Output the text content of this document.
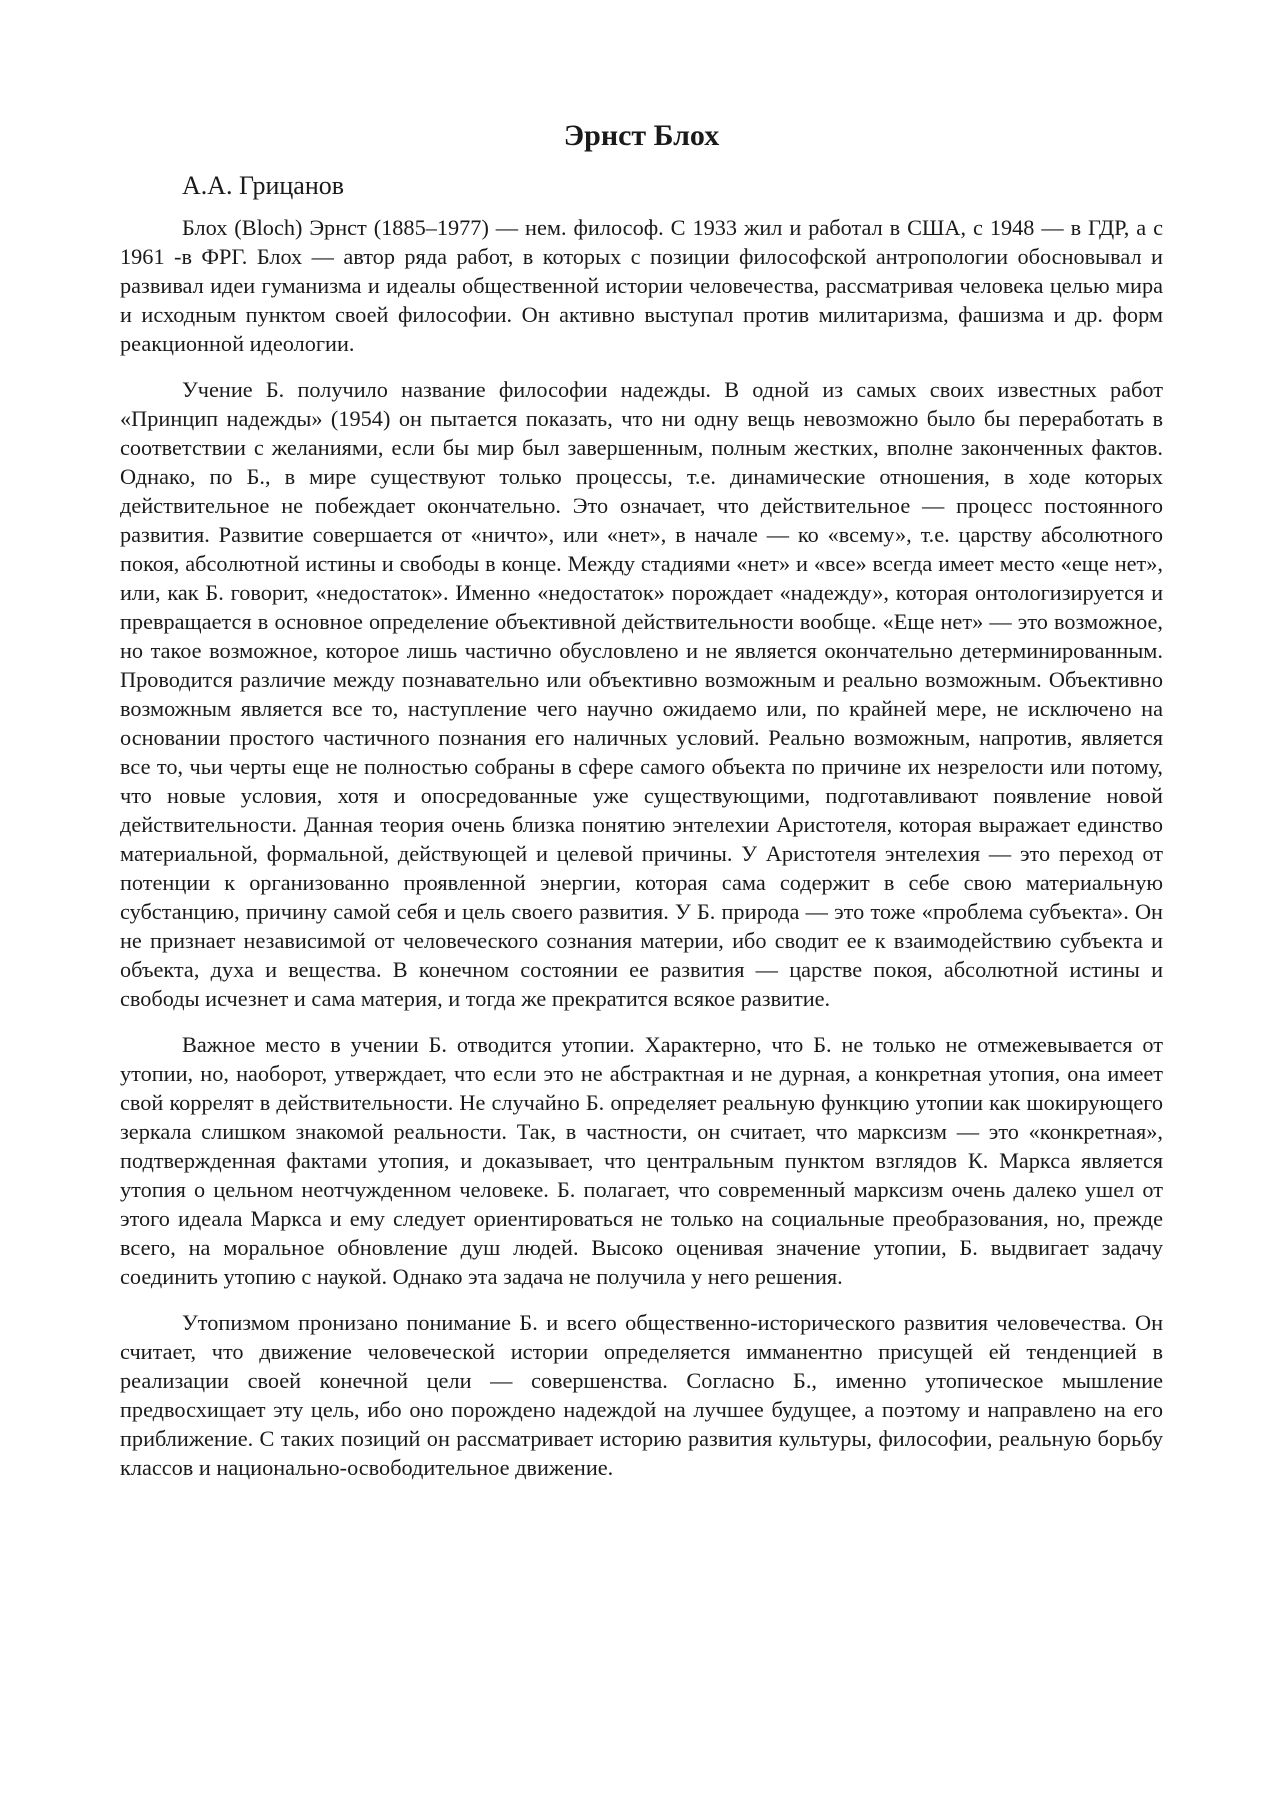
Эрнст Блох
А.А. Грицанов

Блох (Bloch) Эрнст (1885–1977) — нем. философ. С 1933 жил и работал в США, с 1948 — в ГДР, а с 1961 -в ФРГ. Блох — автор ряда работ, в которых с позиции философской антропологии обосновывал и развивал идеи гуманизма и идеалы общественной истории человечества, рассматривая человека целью мира и исходным пунктом своей философии. Он активно выступал против милитаризма, фашизма и др. форм реакционной идеологии.

Учение Б. получило название философии надежды. В одной из самых своих известных работ «Принцип надежды» (1954) он пытается показать, что ни одну вещь невозможно было бы переработать в соответствии с желаниями, если бы мир был завершенным, полным жестких, вполне законченных фактов. Однако, по Б., в мире существуют только процессы, т.е. динамические отношения, в ходе которых действительное не побеждает окончательно. Это означает, что действительное — процесс постоянного развития. Развитие совершается от «ничто», или «нет», в начале — ко «всему», т.е. царству абсолютного покоя, абсолютной истины и свободы в конце. Между стадиями «нет» и «все» всегда имеет место «еще нет», или, как Б. говорит, «недостаток». Именно «недостаток» порождает «надежду», которая онтологизируется и превращается в основное определение объективной действительности вообще. «Еще нет» — это возможное, но такое возможное, которое лишь частично обусловлено и не является окончательно детерминированным. Проводится различие между познавательно или объективно возможным и реально возможным. Объективно возможным является все то, наступление чего научно ожидаемо или, по крайней мере, не исключено на основании простого частичного познания его наличных условий. Реально возможным, напротив, является все то, чьи черты еще не полностью собраны в сфере самого объекта по причине их незрелости или потому, что новые условия, хотя и опосредованные уже существующими, подготавливают появление новой действительности. Данная теория очень близка понятию энтелехии Аристотеля, которая выражает единство материальной, формальной, действующей и целевой причины. У Аристотеля энтелехия — это переход от потенции к организованно проявленной энергии, которая сама содержит в себе свою материальную субстанцию, причину самой себя и цель своего развития. У Б. природа — это тоже «проблема субъекта». Он не признает независимой от человеческого сознания материи, ибо сводит ее к взаимодействию субъекта и объекта, духа и вещества. В конечном состоянии ее развития — царстве покоя, абсолютной истины и свободы исчезнет и сама материя, и тогда же прекратится всякое развитие.

Важное место в учении Б. отводится утопии. Характерно, что Б. не только не отмежевывается от утопии, но, наоборот, утверждает, что если это не абстрактная и не дурная, а конкретная утопия, она имеет свой коррелят в действительности. Не случайно Б. определяет реальную функцию утопии как шокирующего зеркала слишком знакомой реальности. Так, в частности, он считает, что марксизм — это «конкретная», подтвержденная фактами утопия, и доказывает, что центральным пунктом взглядов К. Маркса является утопия о цельном неотчужденном человеке. Б. полагает, что современный марксизм очень далеко ушел от этого идеала Маркса и ему следует ориентироваться не только на социальные преобразования, но, прежде всего, на моральное обновление душ людей. Высоко оценивая значение утопии, Б. выдвигает задачу соединить утопию с наукой. Однако эта задача не получила у него решения.

Утопизмом пронизано понимание Б. и всего общественно-исторического развития человечества. Он считает, что движение человеческой истории определяется имманентно присущей ей тенденцией в реализации своей конечной цели — совершенства. Согласно Б., именно утопическое мышление предвосхищает эту цель, ибо оно порождено надеждой на лучшее будущее, а поэтому и направлено на его приближение. С таких позиций он рассматривает историю развития культуры, философии, реальную борьбу классов и национально-освободительное движение.
